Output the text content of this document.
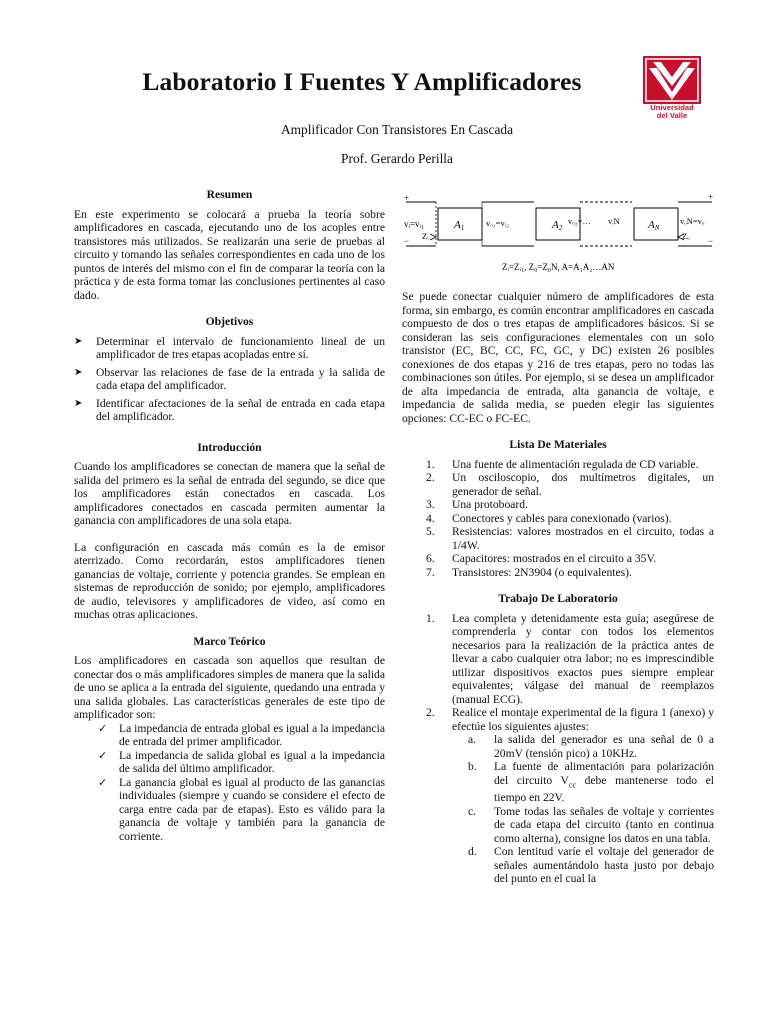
Laboratorio I Fuentes Y Amplificadores
Amplificador Con Transistores En Cascada
Prof. Gerardo Perilla
Universidad
del Valle
Resumen

En este experimento se colocará a prueba la teoría sobre amplificadores en cascada, ejecutando uno de los acoples entre transistores más utilizados. Se realizarán una serie de pruebas al circuito y tomando las señales correspondientes en cada uno de los puntos de interés del mismo con el fin de comparar la teoría con la práctica y de esta forma tomar las conclusiones pertinentes al caso dado.

Objetivos
➤ Determinar el intervalo de funcionamiento lineal de un amplificador de tres etapas acopladas entre sí.
➤ Observar las relaciones de fase de la entrada y la salida de cada etapa del amplificador.
➤ Identificar afectaciones de la señal de entrada en cada etapa del amplificador.
Introducción

Cuando los amplificadores se conectan de manera que la señal de salida del primero es la señal de entrada del segundo, se dice que los amplificadores están conectados en cascada. Los amplificadores conectados en cascada permiten aumentar la ganancia con amplificadores de una sola etapa.

La configuración en cascada más común es la de emisor aterrizado. Como recordarán, estos amplificadores tienen ganancias de voltaje, corriente y potencia grandes. Se emplean en sistemas de reproducción de sonido; por ejemplo, amplificadores de audio, televisores y amplificadores de video, así como en muchas otras aplicaciones.

Marco Teórico

Los amplificadores en cascada son aquellos que resultan de conectar dos o más amplificadores simples de manera que la salida de uno se aplica a la entrada del siguiente, quedando una entrada y una salida globales. Las características generales de este tipo de amplificador son:

✓ La impedancia de entrada global es igual a la impedancia de entrada del primer amplificador.
✓ La impedancia de salida global es igual a la impedancia de salida del último amplificador.
✓ La ganancia global es igual al producto de las ganancias individuales (siempre y cuando se considere el efecto de carga entre cada par de etapas). Esto es válido para la ganancia de voltaje y también para la ganancia de corriente.
+
−
vᵢ=vᵢ₁
Zᵢ
A1	vₒ₁=vᵢ₂	A2
vₒ₂=… vᵢN	AN
+
−
vₒN=vₒ
Zₒ
Zᵢ=Zᵢ₁, Z₀=Z₀N, A=A₁A₂…AN

Se puede conectar cualquier número de amplificadores de esta forma, sin embargo, es común encontrar amplificadores en cascada compuesto de dos o tres etapas de amplificadores básicos. Si se consideran las seis configuraciones elementales con un solo transistor (EC, BC, CC, FC, GC, y DC) existen 26 posibles conexiones de dos etapas y 216 de tres etapas, pero no todas las combinaciones son útiles. Por ejemplo, si se desea un amplificador de alta impedancia de entrada, alta ganancia de voltaje, e impedancia de salida media, se pueden elegir las siguientes opciones: CC-EC o FC-EC.

Lista De Materiales
1. Una fuente de alimentación regulada de CD variable.
2. Un osciloscopio, dos multímetros digitales, un generador de señal.
3. Una protoboard.
4. Conectores y cables para conexionado (varios).
5. Resistencias: valores mostrados en el circuito, todas a 1/4W.
6. Capacitores: mostrados en el circuito a 35V.
7. Transistores: 2N3904 (o equivalentes).
Trabajo De Laboratorio
1. Lea completa y detenidamente esta guía; asegúrese de comprenderla y contar con todos los elementos necesarios para la realización de la práctica antes de llevar a cabo cualquier otra labor; no es imprescindible utilizar dispositivos exactos pues siempre emplear equivalentes; válgase del manual de reemplazos (manual ECG).
2. Realice el montaje experimental de la figura 1 (anexo) y efectúe los siguientes ajustes:
a. la salida del generador es una señal de 0 a 20mV (tensión pico) a 10KHz.
b. La fuente de alimentación para polarización del circuito $V_{cc}$ debe mantenerse todo el tiempo en 22V.
c. Tome todas las señales de voltaje y corrientes de cada etapa del circuito (tanto en continua como alterna), consigne los datos en una tabla.
d. Con lentitud varíe el voltaje del generador de señales aumentándolo hasta justo por debajo del punto en el cual la
